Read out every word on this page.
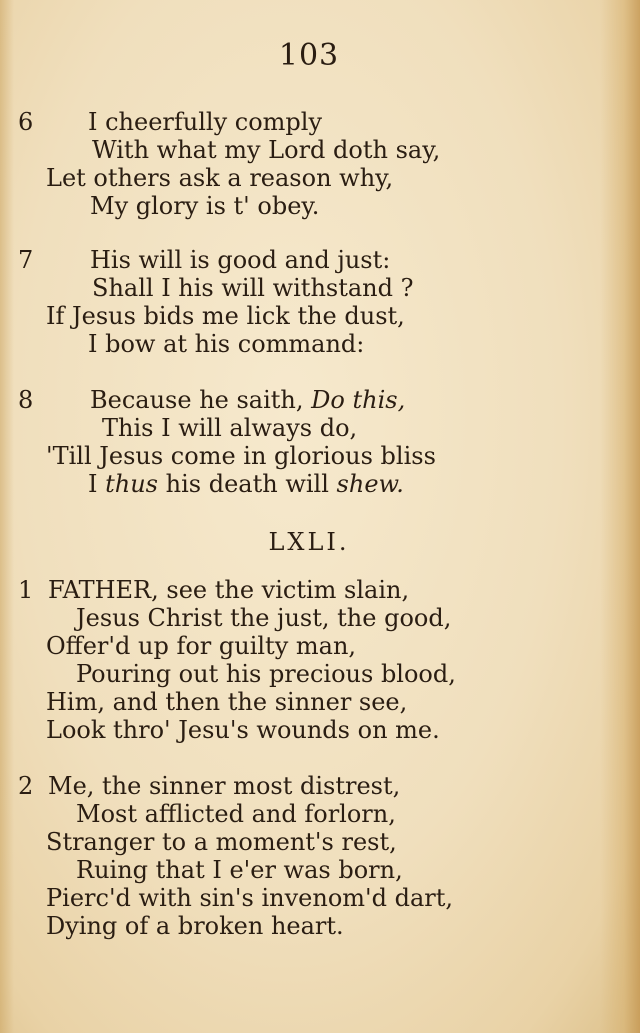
103
6 I cheerfully comply
With what my Lord doth say,
Let others ask a reason why,
My glory is t' obey.
7 His will is good and just:
Shall I his will withstand ?
If Jesus bids me lick the dust,
I bow at his command:
8 Because he saith, Do this,
This I will always do,
'Till Jesus come in glorious bliss
I thus his death will shew.
LXLI.
1 FATHER, see the victim slain,
Jesus Christ the just, the good,
Offer'd up for guilty man,
Pouring out his precious blood,
Him, and then the sinner see,
Look thro' Jesu's wounds on me.
2 Me, the sinner most distrest,
Most afflicted and forlorn,
Stranger to a moment's rest,
Ruing that I e'er was born,
Pierc'd with sin's invenom'd dart,
Dying of a broken heart.
